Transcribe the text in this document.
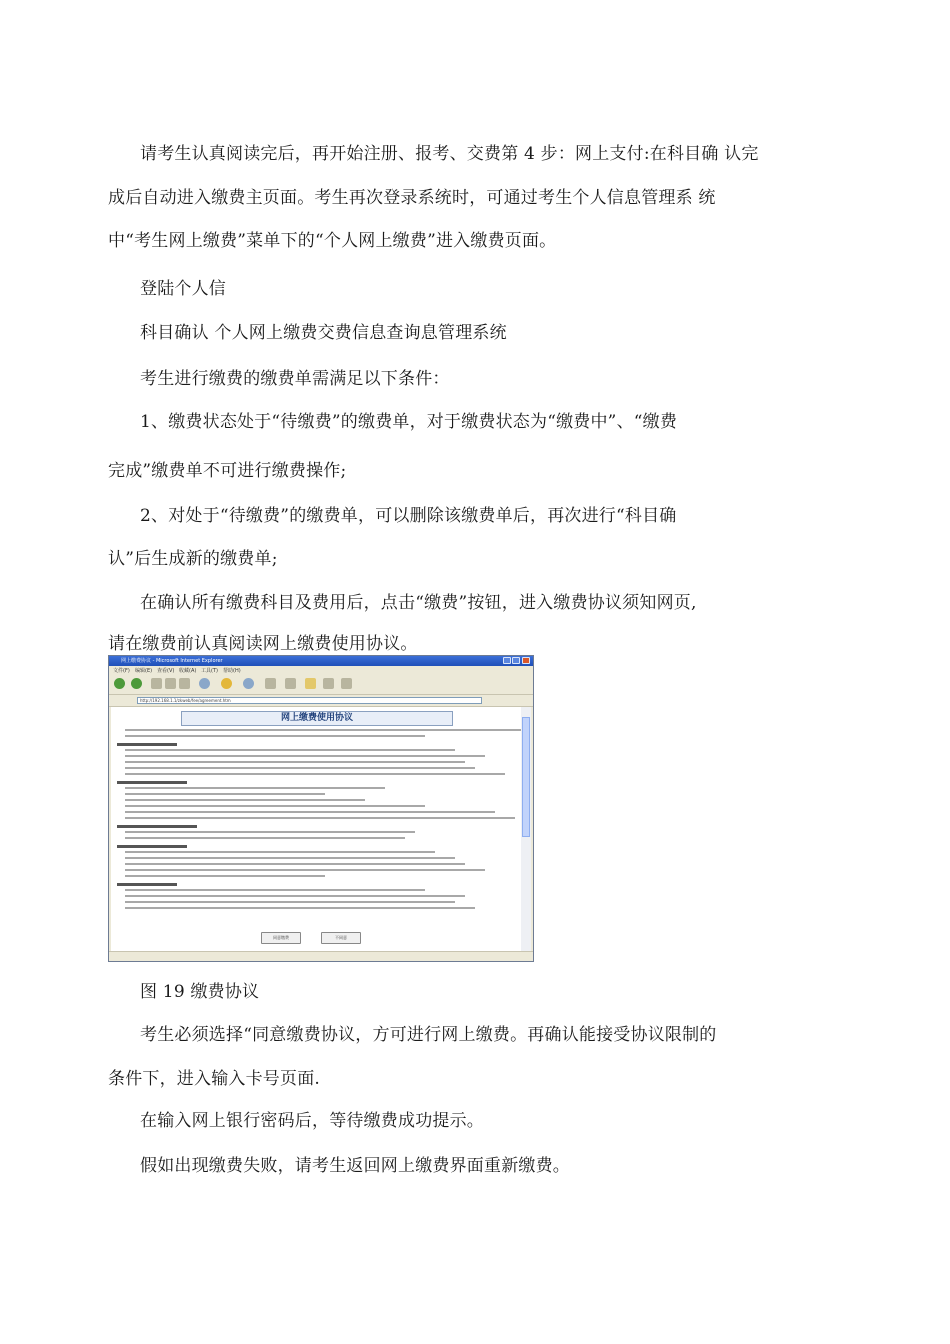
请考生认真阅读完后，再开始注册、报考、交费第 4 步：网上支付:在科目确 认完
成后自动进入缴费主页面。考生再次登录系统时，可通过考生个人信息管理系 统
中“考生网上缴费”菜单下的“个人网上缴费”进入缴费页面。
登陆个人信
科目确认 个人网上缴费交费信息查询息管理系统
考生进行缴费的缴费单需满足以下条件：
1、缴费状态处于“待缴费”的缴费单，对于缴费状态为“缴费中”、“缴费
完成”缴费单不可进行缴费操作;
2、对处于“待缴费”的缴费单，可以删除该缴费单后，再次进行“科目确
认”后生成新的缴费单;
在确认所有缴费科目及费用后，点击“缴费”按钮，进入缴费协议须知网页,
请在缴费前认真阅读网上缴费使用协议。
网上缴费协议 - Microsoft Internet Explorer
文件(F) 编辑(E) 查看(V) 收藏(A) 工具(T) 帮助(H)
http://192.168.1.1/zkweb/fee/agreement.htm
网上缴费使用协议
同意缴费	不同意
图 19 缴费协议
考生必须选择“同意缴费协议，方可进行网上缴费。再确认能接受协议限制的
条件下，进入输入卡号页面.
在输入网上银行密码后，等待缴费成功提示。
假如出现缴费失败，请考生返回网上缴费界面重新缴费。
